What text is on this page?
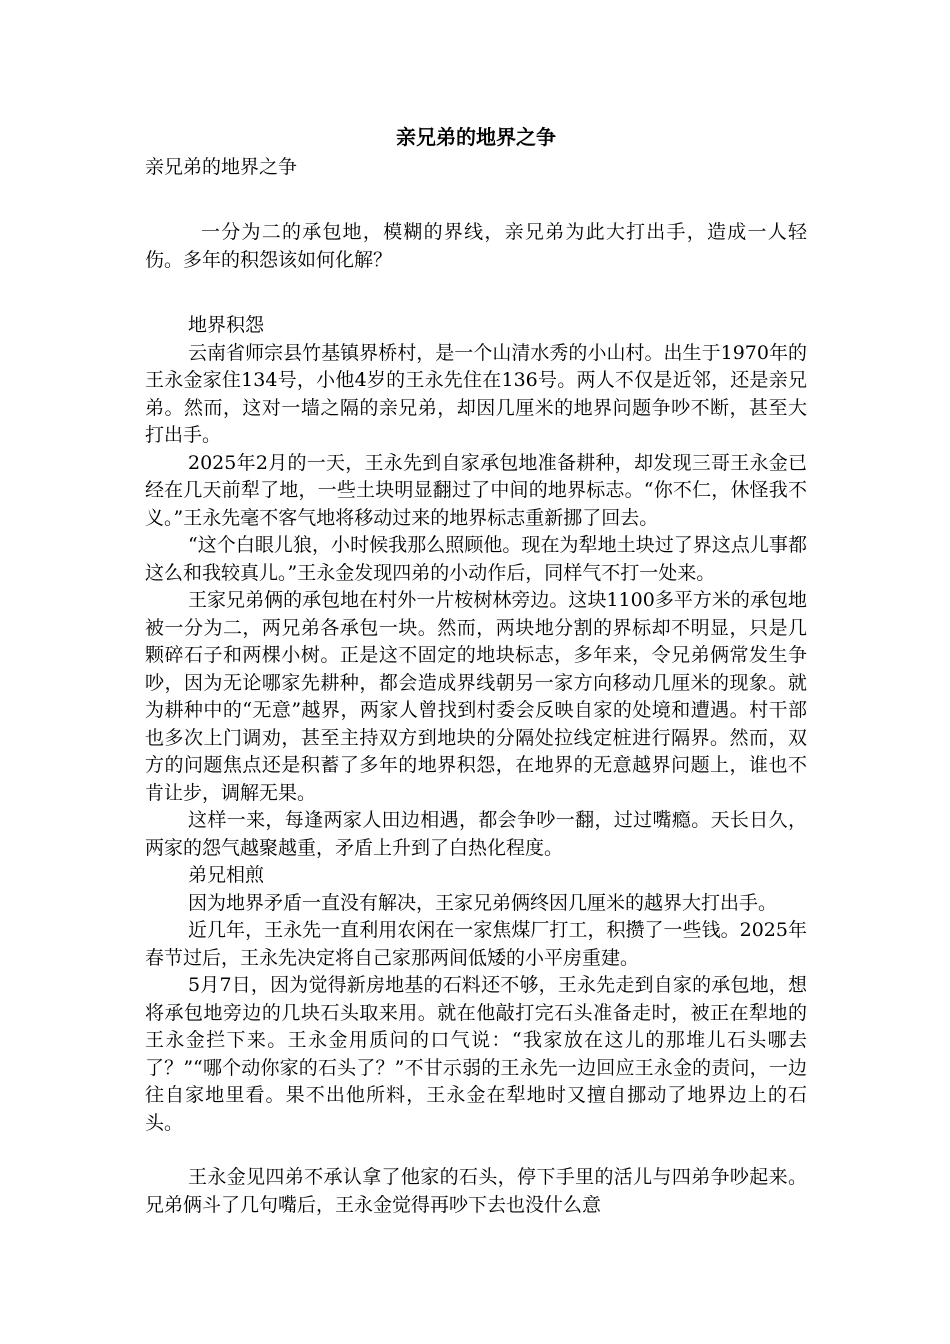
亲兄弟的地界之争

亲兄弟的地界之争

一分为二的承包地，模糊的界线，亲兄弟为此大打出手，造成一人轻伤。多年的积怨该如何化解？

地界积怨

云南省师宗县竹基镇界桥村，是一个山清水秀的小山村。出生于1970年的王永金家住134号，小他4岁的王永先住在136号。两人不仅是近邻，还是亲兄弟。然而，这对一墙之隔的亲兄弟，却因几厘米的地界问题争吵不断，甚至大打出手。

2025年2月的一天，王永先到自家承包地准备耕种，却发现三哥王永金已经在几天前犁了地，一些土块明显翻过了中间的地界标志。“你不仁，休怪我不义。”王永先毫不客气地将移动过来的地界标志重新挪了回去。

“这个白眼儿狼，小时候我那么照顾他。现在为犁地土块过了界这点儿事都这么和我较真儿。”王永金发现四弟的小动作后，同样气不打一处来。

王家兄弟俩的承包地在村外一片桉树林旁边。这块1100多平方米的承包地被一分为二，两兄弟各承包一块。然而，两块地分割的界标却不明显，只是几颗碎石子和两棵小树。正是这不固定的地块标志，多年来，令兄弟俩常发生争吵，因为无论哪家先耕种，都会造成界线朝另一家方向移动几厘米的现象。就为耕种中的“无意”越界，两家人曾找到村委会反映自家的处境和遭遇。村干部也多次上门调劝，甚至主持双方到地块的分隔处拉线定桩进行隔界。然而，双方的问题焦点还是积蓄了多年的地界积怨，在地界的无意越界问题上，谁也不肯让步，调解无果。

这样一来，每逢两家人田边相遇，都会争吵一翻，过过嘴瘾。天长日久，两家的怨气越聚越重，矛盾上升到了白热化程度。

弟兄相煎

因为地界矛盾一直没有解决，王家兄弟俩终因几厘米的越界大打出手。

近几年，王永先一直利用农闲在一家焦煤厂打工，积攒了一些钱。2025年春节过后，王永先决定将自己家那两间低矮的小平房重建。

5月7日，因为觉得新房地基的石料还不够，王永先走到自家的承包地，想将承包地旁边的几块石头取来用。就在他敲打完石头准备走时，被正在犁地的王永金拦下来。王永金用质问的口气说：“我家放在这儿的那堆儿石头哪去了？”“哪个动你家的石头了？”不甘示弱的王永先一边回应王永金的责问，一边往自家地里看。果不出他所料，王永金在犁地时又擅自挪动了地界边上的石头。

王永金见四弟不承认拿了他家的石头，停下手里的活儿与四弟争吵起来。兄弟俩斗了几句嘴后，王永金觉得再吵下去也没什么意
